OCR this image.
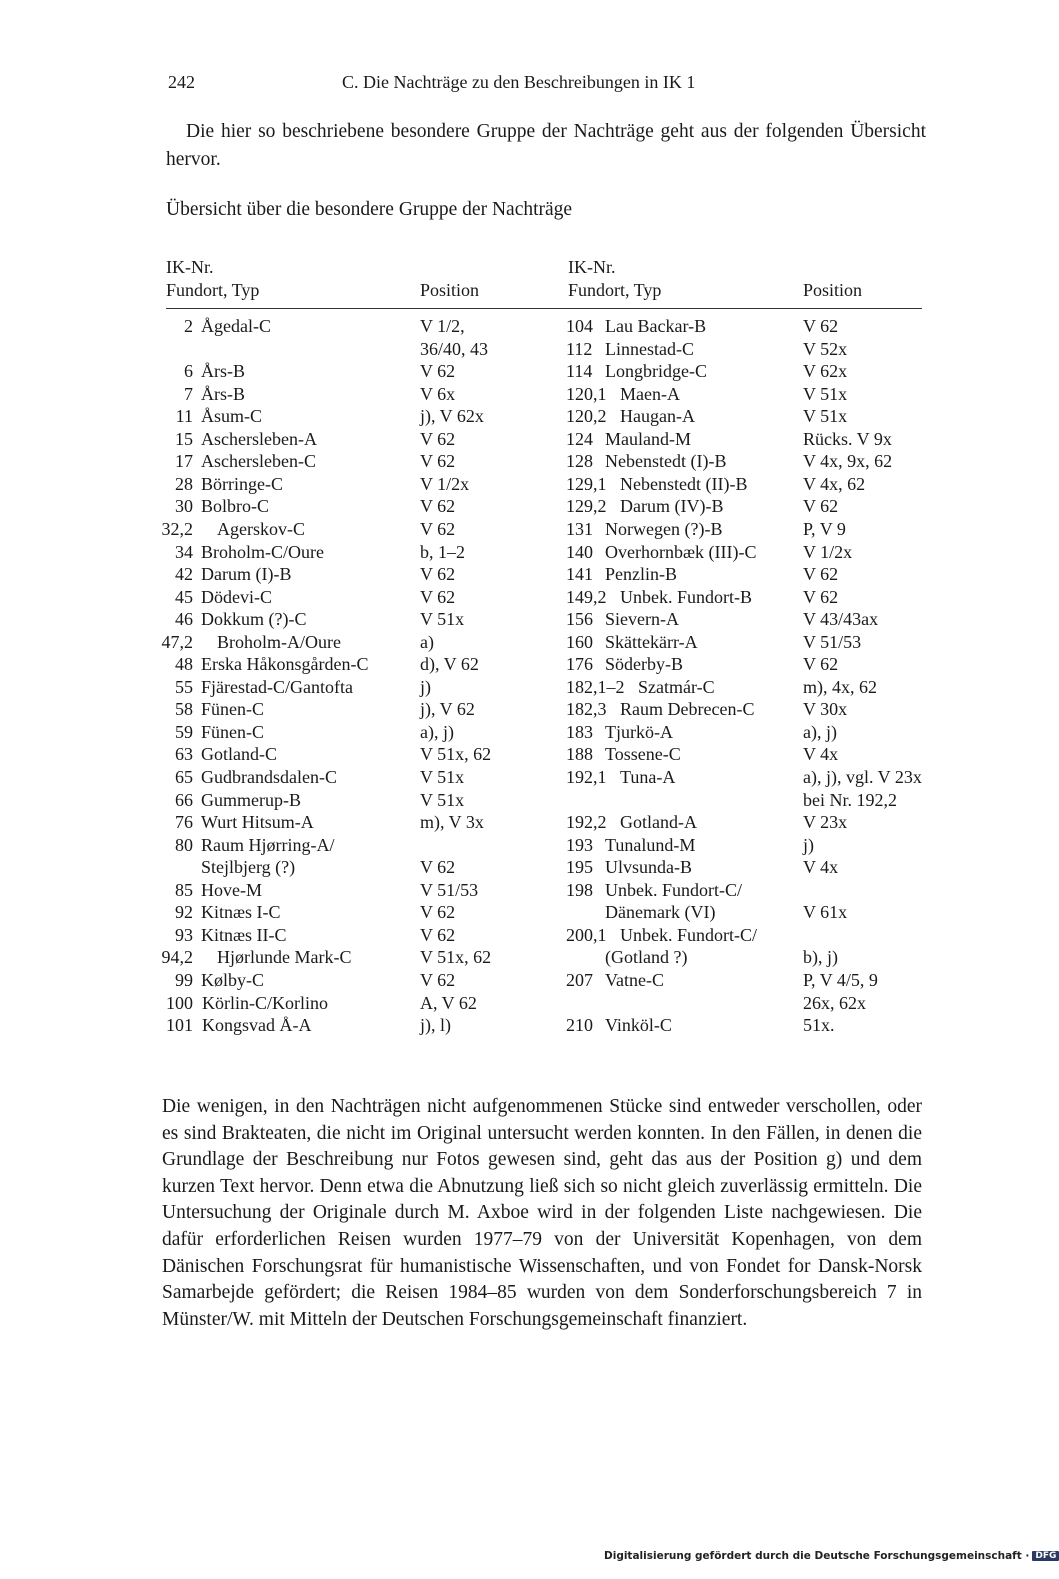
242	C. Die Nachträge zu den Beschreibungen in IK 1
Die hier so beschriebene besondere Gruppe der Nachträge geht aus der folgenden Übersicht hervor.
Übersicht über die besondere Gruppe der Nachträge
IK-Nr.
Fundort, Typ	Position
IK-Nr.
Fundort, Typ	Position
2 Ågedal-C	V 1/2,
36/40, 43
6 Års-B	V 62
7 Års-B	V 6x
11 Åsum-C	j), V 62x
15 Aschersleben-A	V 62
17 Aschersleben-C	V 62
28 Börringe-C	V 1/2x
30 Bolbro-C	V 62
32,2 Agerskov-C	V 62
34 Broholm-C/Oure	b, 1–2
42 Darum (I)-B	V 62
45 Dödevi-C	V 62
46 Dokkum (?)-C	V 51x
47,2 Broholm-A/Oure	a)
48 Erska Håkonsgården-C	d), V 62
55 Fjärestad-C/Gantofta	j)
58 Fünen-C	j), V 62
59 Fünen-C	a), j)
63 Gotland-C	V 51x, 62
65 Gudbrandsdalen-C	V 51x
66 Gummerup-B	V 51x
76 Wurt Hitsum-A	m), V 3x
80 Raum Hjørring-A/
Stejlbjerg (?)	V 62
85 Hove-M	V 51/53
92 Kitnæs I-C	V 62
93 Kitnæs II-C	V 62
94,2 Hjørlunde Mark-C	V 51x, 62
99 Kølby-C	V 62
100 Körlin-C/Korlino	A, V 62
101 Kongsvad Å-A	j), l)
104 Lau Backar-B	V 62
112 Linnestad-C	V 52x
114 Longbridge-C	V 62x
120,1 Maen-A	V 51x
120,2 Haugan-A	V 51x
124 Mauland-M	Rücks. V 9x
128 Nebenstedt (I)-B	V 4x, 9x, 62
129,1 Nebenstedt (II)-B	V 4x, 62
129,2 Darum (IV)-B	V 62
131 Norwegen (?)-B	P, V 9
140 Overhornbæk (III)-C	V 1/2x
141 Penzlin-B	V 62
149,2 Unbek. Fundort-B	V 62
156 Sievern-A	V 43/43ax
160 Skättekärr-A	V 51/53
176 Söderby-B	V 62
182,1–2 Szatmár-C	m), 4x, 62
182,3 Raum Debrecen-C	V 30x
183 Tjurkö-A	a), j)
188 Tossene-C	V 4x
192,1 Tuna-A	a), j), vgl. V 23x
bei Nr. 192,2
192,2 Gotland-A	V 23x
193 Tunalund-M	j)
195 Ulvsunda-B	V 4x
198 Unbek. Fundort-C/
Dänemark (VI)	V 61x
200,1 Unbek. Fundort-C/
(Gotland ?)	b), j)
207 Vatne-C	P, V 4/5, 9
26x, 62x
210 Vinköl-C	51x.
Die wenigen, in den Nachträgen nicht aufgenommenen Stücke sind entweder verschollen, oder es sind Brakteaten, die nicht im Original untersucht werden konnten. In den Fällen, in denen die Grundlage der Beschreibung nur Fotos gewesen sind, geht das aus der Position g) und dem kurzen Text hervor. Denn etwa die Abnutzung ließ sich so nicht gleich zuverlässig ermitteln. Die Untersuchung der Originale durch M. Axboe wird in der folgenden Liste nachgewiesen. Die dafür erforderlichen Reisen wurden 1977–79 von der Universität Kopenhagen, von dem Dänischen Forschungsrat für humanistische Wissenschaften, und von Fondet for Dansk-Norsk Samarbejde gefördert; die Reisen 1984–85 wurden von dem Sonderforschungsbereich 7 in Münster/W. mit Mitteln der Deutschen Forschungsgemeinschaft finanziert.
Digitalisierung gefördert durch die Deutsche Forschungsgemeinschaft · DFG
